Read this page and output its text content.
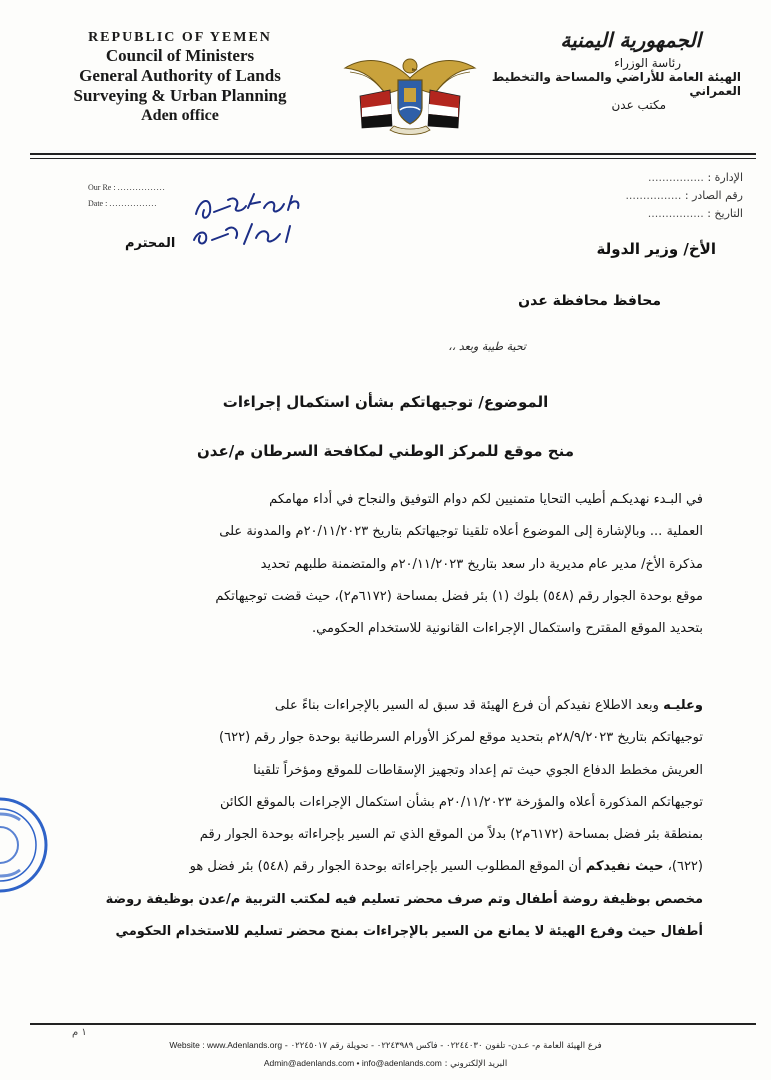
REPUBLIC OF YEMEN
Council of Ministers
General Authority of Lands
Surveying & Urban Planning
Aden office
الجمهورية اليمنية
رئاسة الوزراء
الهيئة العامة للأراضي والمساحة والتخطيط العمراني
مكتب عدن
Our Re : ................
Date : ................
الإدارة : ................
رقم الصادر : ................
التاريخ : ................
الأخ/ وزير الدولة
المحترم
محافظ محافظة عدن
تحية طيبة وبعد ،،
الموضوع/ توجيهاتكم بشأن استكمال إجراءات
منح موقع للمركز الوطني لمكافحة السرطان م/عدن

في البـدء نهديكـم أطيب التحايا متمنيين لكم دوام التوفيق والنجاح في أداء مهامكم

العملية ... وبالإشارة إلى الموضوع أعلاه تلقينا توجيهاتكم بتاريخ ٢٠/١١/٢٠٢٣م والمدونة على

مذكرة الأخ/ مدير عام مديرية دار سعد بتاريخ ٢٠/١١/٢٠٢٣م والمتضمنة طلبهم تحديد

موقع بوحدة الجوار رقم (٥٤٨) بلوك (١) بئر فضل بمساحة (٦١٧٢م٢)، حيث قضت توجيهاتكم

بتحديد الموقع المقترح واستكمال الإجراءات القانونية للاستخدام الحكومي.

وعليـه وبعد الاطلاع نفيدكم أن فرع الهيئة قد سبق له السير بالإجراءات بناءً على

توجيهاتكم بتاريخ ٢٨/٩/٢٠٢٣م بتحديد موقع لمركز الأورام السرطانية بوحدة جوار رقم (٦٢٢)

العريش مخطط الدفاع الجوي حيث تم إعداد وتجهيز الإسقاطات للموقع ومؤخراً تلقينا

توجيهاتكم المذكورة أعلاه والمؤرخة ٢٠/١١/٢٠٢٣م بشأن استكمال الإجراءات بالموقع الكائن

بمنطقة بئر فضل بمساحة (٦١٧٢م٢) بدلاً من الموقع الذي تم السير بإجراءاته بوحدة الجوار رقم

(٦٢٢)، حيث نفيدكم أن الموقع المطلوب السير بإجراءاته بوحدة الجوار رقم (٥٤٨) بئر فضل هو

مخصص بوظيفة روضة أطفال وتم صرف محضر تسليم فيه لمكتب التربية م/عدن بوظيفة روضة

أطفال حيث وفرع الهيئة لا يمانع من السير بالإجراءات بمنح محضر تسليم للاستخدام الحكومي

١ م
فرع الهيئة العامة م- عـدن- تلفون ٠٢٢٤٤٠٣٠ - فاكس ٠٢٢٤٣٩٨٩ - تحويلة رقم ٠٢٢٤٥٠١٧ - Website : www.Adenlands.org
البريد الإلكتروني : Admin@adenlands.com • info@adenlands.com
